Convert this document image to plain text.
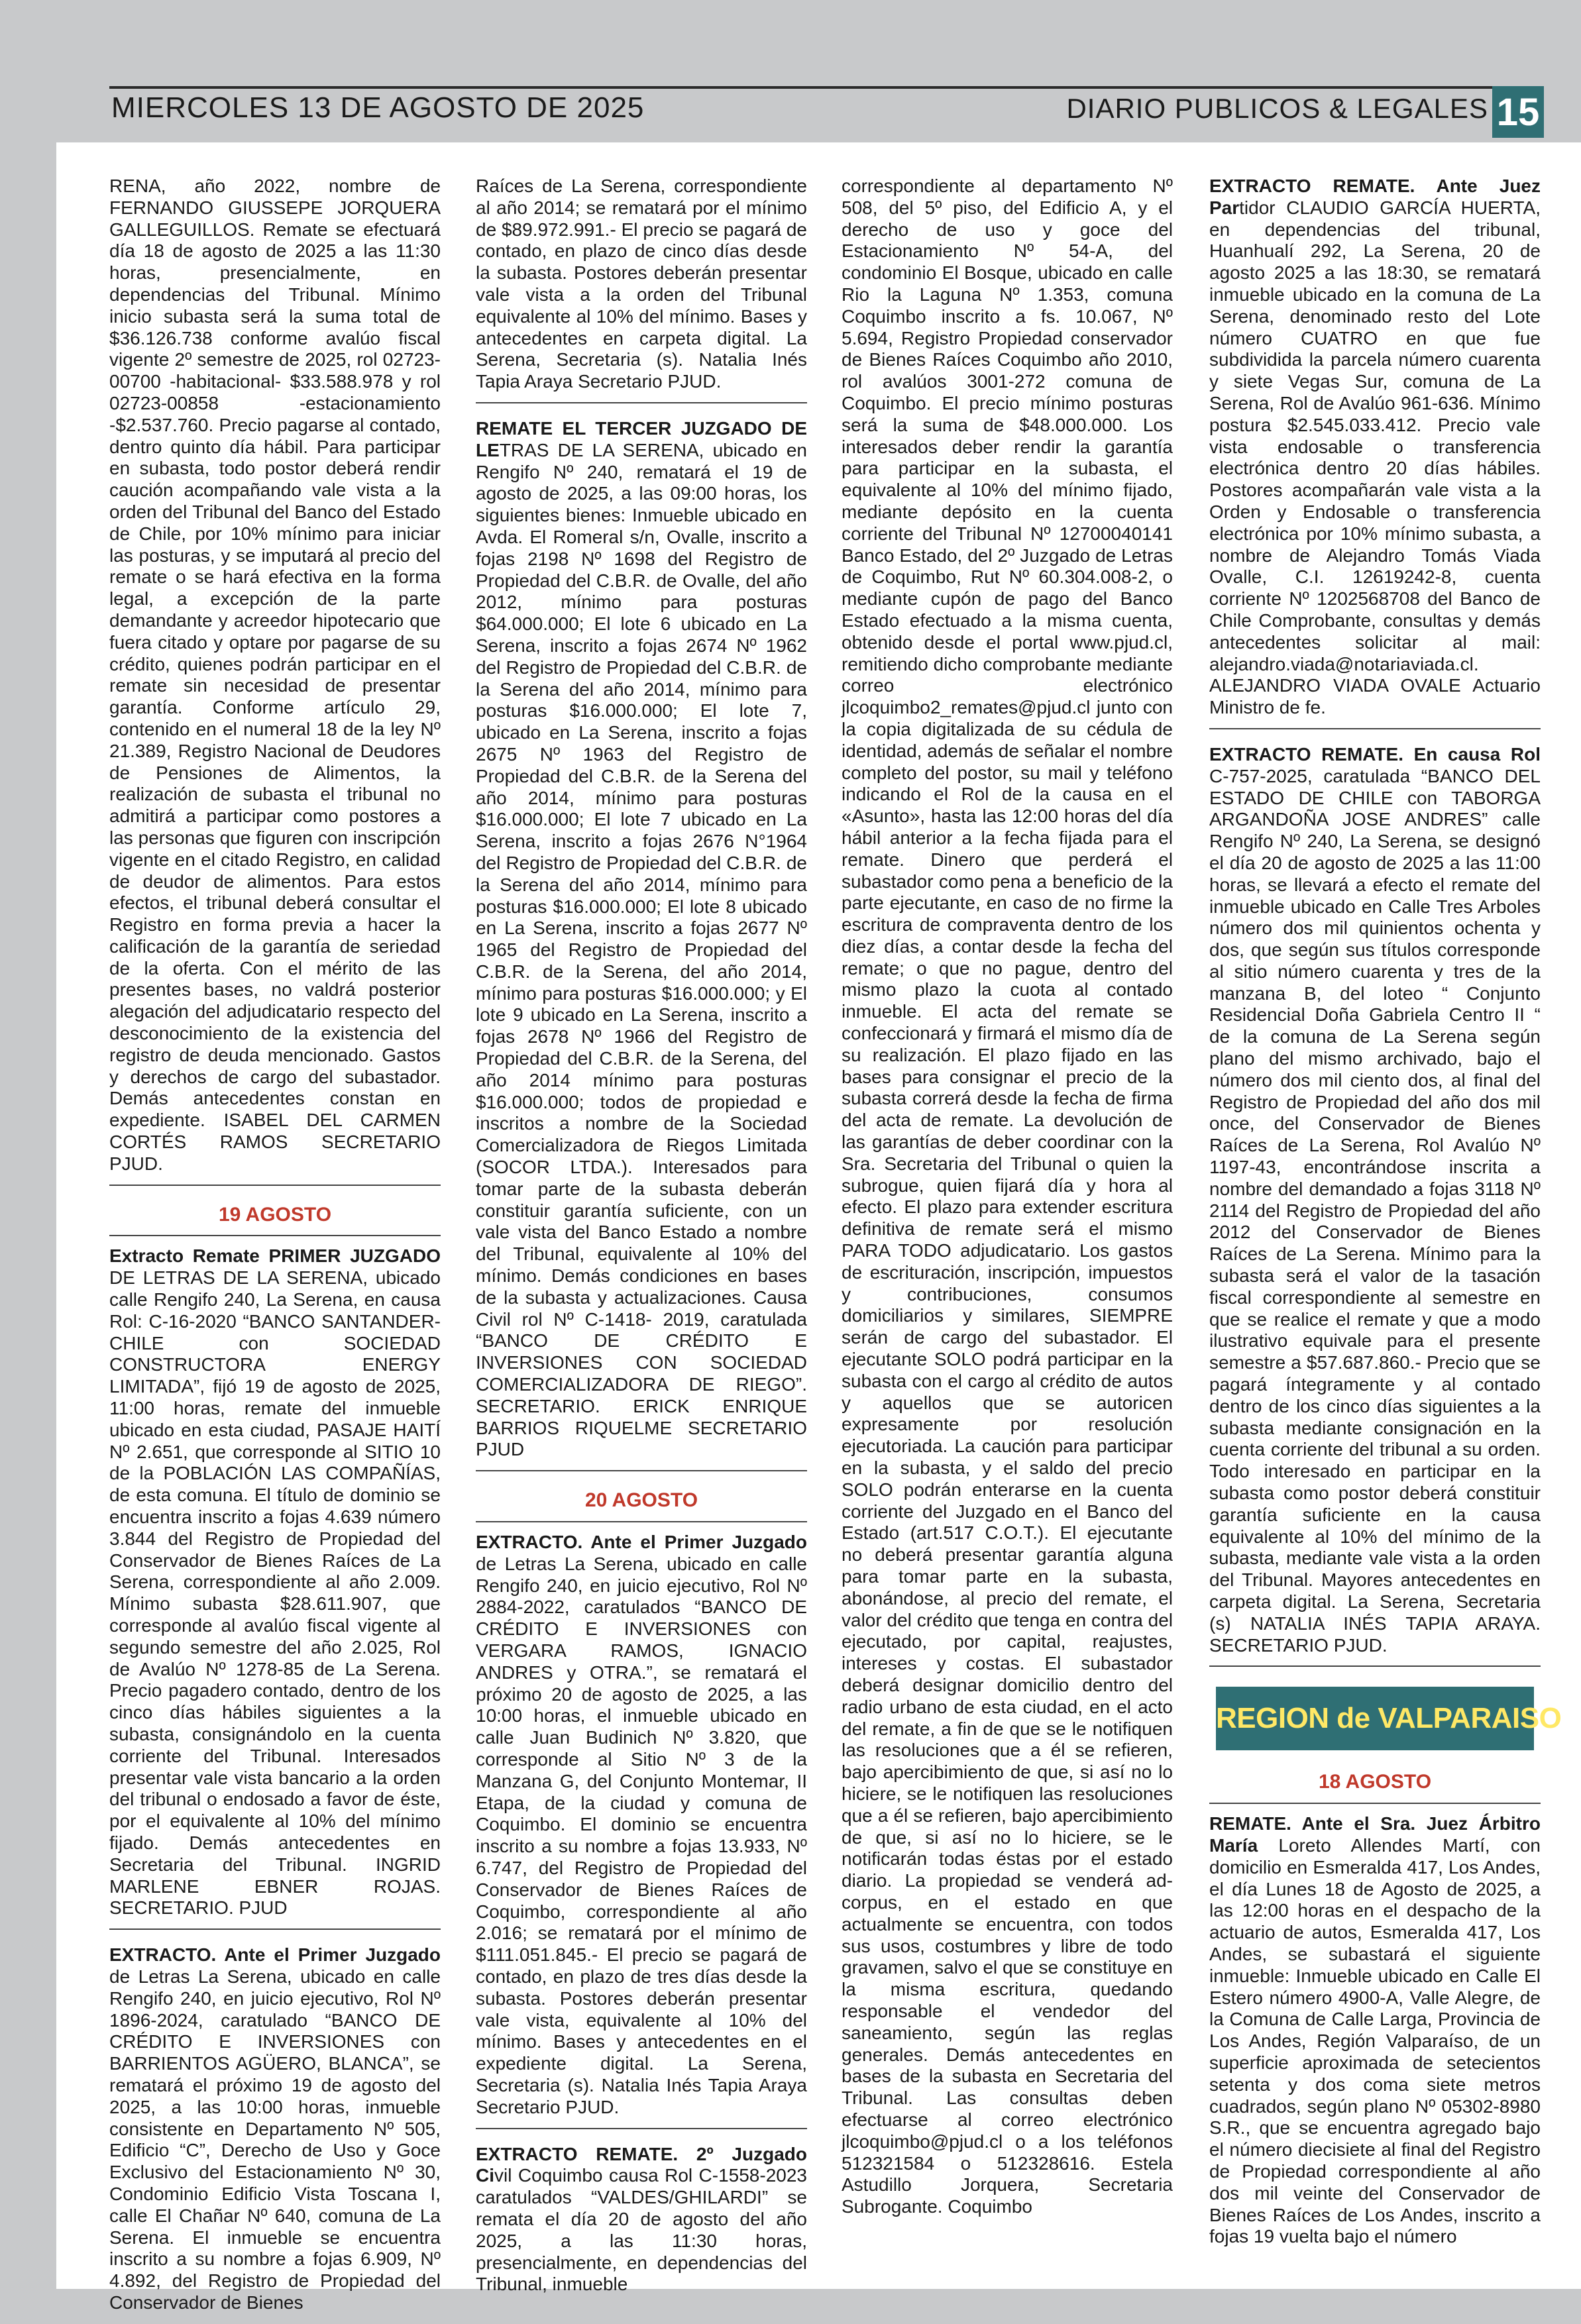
MIERCOLES 13 DE AGOSTO DE 2025	DIARIO PUBLICOS & LEGALES 15

RENA, año 2022, nombre de FERNANDO GIUSSEPE JORQUERA GALLEGUILLOS. Remate se efectuará día 18 de agosto de 2025 a las 11:30 horas, presencialmente, en dependencias del Tribunal. Mínimo inicio subasta será la suma total de $36.126.738 conforme avalúo fiscal vigente 2º semestre de 2025, rol 02723-00700 -habitacional- $33.588.978 y rol 02723-00858 -estacionamiento -$2.537.760. Precio pagarse al contado, dentro quinto día hábil. Para participar en subasta, todo postor deberá rendir caución acompañando vale vista a la orden del Tribunal del Banco del Estado de Chile, por 10% mínimo para iniciar las posturas, y se imputará al precio del remate o se hará efectiva en la forma legal, a excepción de la parte demandante y acreedor hipotecario que fuera citado y optare por pagarse de su crédito, quienes podrán participar en el remate sin necesidad de presentar garantía. Conforme artículo 29, contenido en el numeral 18 de la ley Nº 21.389, Registro Nacional de Deudores de Pensiones de Alimentos, la realización de subasta el tribunal no admitirá a participar como postores a las personas que figuren con inscripción vigente en el citado Registro, en calidad de deudor de alimentos. Para estos efectos, el tribunal deberá consultar el Registro en forma previa a hacer la calificación de la garantía de seriedad de la oferta. Con el mérito de las presentes bases, no valdrá posterior alegación del adjudicatario respecto del desconocimiento de la existencia del registro de deuda mencionado. Gastos y derechos de cargo del subastador. Demás antecedentes constan en expediente. ISABEL DEL CARMEN CORTÉS RAMOS SECRETARIO PJUD.

19 AGOSTO

Extracto Remate PRIMER JUZGADO DE LETRAS DE LA SERENA, ubicado calle Rengifo 240, La Serena, en causa Rol: C-16-2020 “BANCO SANTANDER-CHILE con SOCIEDAD CONSTRUCTORA ENERGY LIMITADA”, fijó 19 de agosto de 2025, 11:00 horas, remate del inmueble ubicado en esta ciudad, PASAJE HAITÍ Nº 2.651, que corresponde al SITIO 10 de la POBLACIÓN LAS COMPAÑÍAS, de esta comuna. El título de dominio se encuentra inscrito a fojas 4.639 número 3.844 del Registro de Propiedad del Conservador de Bienes Raíces de La Serena, correspondiente al año 2.009. Mínimo subasta $28.611.907, que corresponde al avalúo fiscal vigente al segundo semestre del año 2.025, Rol de Avalúo Nº 1278-85 de La Serena. Precio pagadero contado, dentro de los cinco días hábiles siguientes a la subasta, consignándolo en la cuenta corriente del Tribunal. Interesados presentar vale vista bancario a la orden del tribunal o endosado a favor de éste, por el equivalente al 10% del mínimo fijado. Demás antecedentes en Secretaria del Tribunal. INGRID MARLENE EBNER ROJAS. SECRETARIO. PJUD

EXTRACTO. Ante el Primer Juzgado de Letras La Serena, ubicado en calle Rengifo 240, en juicio ejecutivo, Rol Nº 1896-2024, caratulado “BANCO DE CRÉDITO E INVERSIONES con BARRIENTOS AGÜERO, BLANCA”, se rematará el próximo 19 de agosto del 2025, a las 10:00 horas, inmueble consistente en Departamento Nº 505, Edificio “C”, Derecho de Uso y Goce Exclusivo del Estacionamiento Nº 30, Condominio Edificio Vista Toscana I, calle El Chañar Nº 640, comuna de La Serena. El inmueble se encuentra inscrito a su nombre a fojas 6.909, Nº 4.892, del Registro de Propiedad del Conservador de Bienes

Raíces de La Serena, correspondiente al año 2014; se rematará por el mínimo de $89.972.991.- El precio se pagará de contado, en plazo de cinco días desde la subasta. Postores deberán presentar vale vista a la orden del Tribunal equivalente al 10% del mínimo. Bases y antecedentes en carpeta digital. La Serena, Secretaria (s). Natalia Inés Tapia Araya Secretario PJUD.

REMATE EL TERCER JUZGADO DE LETRAS DE LA SERENA, ubicado en Rengifo Nº 240, rematará el 19 de agosto de 2025, a las 09:00 horas, los siguientes bienes: Inmueble ubicado en Avda. El Romeral s/n, Ovalle, inscrito a fojas 2198 Nº 1698 del Registro de Propiedad del C.B.R. de Ovalle, del año 2012, mínimo para posturas $64.000.000; El lote 6 ubicado en La Serena, inscrito a fojas 2674 Nº 1962 del Registro de Propiedad del C.B.R. de la Serena del año 2014, mínimo para posturas $16.000.000; El lote 7, ubicado en La Serena, inscrito a fojas 2675 Nº 1963 del Registro de Propiedad del C.B.R. de la Serena del año 2014, mínimo para posturas $16.000.000; El lote 7 ubicado en La Serena, inscrito a fojas 2676 N°1964 del Registro de Propiedad del C.B.R. de la Serena del año 2014, mínimo para posturas $16.000.000; El lote 8 ubicado en La Serena, inscrito a fojas 2677 Nº 1965 del Registro de Propiedad del C.B.R. de la Serena, del año 2014, mínimo para posturas $16.000.000; y El lote 9 ubicado en La Serena, inscrito a fojas 2678 Nº 1966 del Registro de Propiedad del C.B.R. de la Serena, del año 2014 mínimo para posturas $16.000.000; todos de propiedad e inscritos a nombre de la Sociedad Comercializadora de Riegos Limitada (SOCOR LTDA.). Interesados para tomar parte de la subasta deberán constituir garantía suficiente, con un vale vista del Banco Estado a nombre del Tribunal, equivalente al 10% del mínimo. Demás condiciones en bases de la subasta y actualizaciones. Causa Civil rol Nº C-1418- 2019, caratulada “BANCO DE CRÉDITO E INVERSIONES CON SOCIEDAD COMERCIALIZADORA DE RIEGO”. SECRETARIO. ERICK ENRIQUE BARRIOS RIQUELME SECRETARIO PJUD

20 AGOSTO

EXTRACTO. Ante el Primer Juzgado de Letras La Serena, ubicado en calle Rengifo 240, en juicio ejecutivo, Rol Nº 2884-2022, caratulados “BANCO DE CRÉDITO E INVERSIONES con VERGARA RAMOS, IGNACIO ANDRES y OTRA.”, se rematará el próximo 20 de agosto de 2025, a las 10:00 horas, el inmueble ubicado en calle Juan Budinich Nº 3.820, que corresponde al Sitio Nº 3 de la Manzana G, del Conjunto Montemar, II Etapa, de la ciudad y comuna de Coquimbo. El dominio se encuentra inscrito a su nombre a fojas 13.933, Nº 6.747, del Registro de Propiedad del Conservador de Bienes Raíces de Coquimbo, correspondiente al año 2.016; se rematará por el mínimo de $111.051.845.- El precio se pagará de contado, en plazo de tres días desde la subasta. Postores deberán presentar vale vista, equivalente al 10% del mínimo. Bases y antecedentes en el expediente digital. La Serena, Secretaria (s). Natalia Inés Tapia Araya Secretario PJUD.

EXTRACTO REMATE. 2º Juzgado Civil Coquimbo causa Rol C-1558-2023 caratulados “VALDES/GHILARDI” se remata el día 20 de agosto del año 2025, a las 11:30 horas, presencialmente, en dependencias del Tribunal, inmueble

correspondiente al departamento Nº 508, del 5º piso, del Edificio A, y el derecho de uso y goce del Estacionamiento Nº 54-A, del condominio El Bosque, ubicado en calle Rio la Laguna Nº 1.353, comuna Coquimbo inscrito a fs. 10.067, Nº 5.694, Registro Propiedad conservador de Bienes Raíces Coquimbo año 2010, rol avalúos 3001-272 comuna de Coquimbo. El precio mínimo posturas será la suma de $48.000.000. Los interesados deber rendir la garantía para participar en la subasta, el equivalente al 10% del mínimo fijado, mediante depósito en la cuenta corriente del Tribunal Nº 12700040141 Banco Estado, del 2º Juzgado de Letras de Coquimbo, Rut Nº 60.304.008-2, o mediante cupón de pago del Banco Estado efectuado a la misma cuenta, obtenido desde el portal www.pjud.cl, remitiendo dicho comprobante mediante correo electrónico jlcoquimbo2_remates@pjud.cl junto con la copia digitalizada de su cédula de identidad, además de señalar el nombre completo del postor, su mail y teléfono indicando el Rol de la causa en el «Asunto», hasta las 12:00 horas del día hábil anterior a la fecha fijada para el remate. Dinero que perderá el subastador como pena a beneficio de la parte ejecutante, en caso de no firme la escritura de compraventa dentro de los diez días, a contar desde la fecha del remate; o que no pague, dentro del mismo plazo la cuota al contado inmueble. El acta del remate se confeccionará y firmará el mismo día de su realización. El plazo fijado en las bases para consignar el precio de la subasta correrá desde la fecha de firma del acta de remate. La devolución de las garantías de deber coordinar con la Sra. Secretaria del Tribunal o quien la subrogue, quien fijará día y hora al efecto. El plazo para extender escritura definitiva de remate será el mismo PARA TODO adjudicatario. Los gastos de escrituración, inscripción, impuestos y contribuciones, consumos domiciliarios y similares, SIEMPRE serán de cargo del subastador. El ejecutante SOLO podrá participar en la subasta con el cargo al crédito de autos y aquellos que se autoricen expresamente por resolución ejecutoriada. La caución para participar en la subasta, y el saldo del precio SOLO podrán enterarse en la cuenta corriente del Juzgado en el Banco del Estado (art.517 C.O.T.). El ejecutante no deberá presentar garantía alguna para tomar parte en la subasta, abonándose, al precio del remate, el valor del crédito que tenga en contra del ejecutado, por capital, reajustes, intereses y costas. El subastador deberá designar domicilio dentro del radio urbano de esta ciudad, en el acto del remate, a fin de que se le notifiquen las resoluciones que a él se refieren, bajo apercibimiento de que, si así no lo hiciere, se le notifiquen las resoluciones que a él se refieren, bajo apercibimiento de que, si así no lo hiciere, se le notificarán todas éstas por el estado diario. La propiedad se venderá ad-corpus, en el estado en que actualmente se encuentra, con todos sus usos, costumbres y libre de todo gravamen, salvo el que se constituye en la misma escritura, quedando responsable el vendedor del saneamiento, según las reglas generales. Demás antecedentes en bases de la subasta en Secretaria del Tribunal. Las consultas deben efectuarse al correo electrónico jlcoquimbo@pjud.cl o a los teléfonos 512321584 o 512328616. Estela Astudillo Jorquera, Secretaria Subrogante. Coquimbo

EXTRACTO REMATE. Ante Juez Partidor CLAUDIO GARCÍA HUERTA, en dependencias del tribunal, Huanhualí 292, La Serena, 20 de agosto 2025 a las 18:30, se rematará inmueble ubicado en la comuna de La Serena, denominado resto del Lote número CUATRO en que fue subdividida la parcela número cuarenta y siete Vegas Sur, comuna de La Serena, Rol de Avalúo 961-636. Mínimo postura $2.545.033.412. Precio vale vista endosable o transferencia electrónica dentro 20 días hábiles. Postores acompañarán vale vista a la Orden y Endosable o transferencia electrónica por 10% mínimo subasta, a nombre de Alejandro Tomás Viada Ovalle, C.I. 12619242-8, cuenta corriente Nº 1202568708 del Banco de Chile Comprobante, consultas y demás antecedentes solicitar al mail: alejandro.viada@notariaviada.cl. ALEJANDRO VIADA OVALE Actuario Ministro de fe.

EXTRACTO REMATE. En causa Rol C-757-2025, caratulada “BANCO DEL ESTADO DE CHILE con TABORGA ARGANDOÑA JOSE ANDRES” calle Rengifo Nº 240, La Serena, se designó el día 20 de agosto de 2025 a las 11:00 horas, se llevará a efecto el remate del inmueble ubicado en Calle Tres Arboles número dos mil quinientos ochenta y dos, que según sus títulos corresponde al sitio número cuarenta y tres de la manzana B, del loteo “ Conjunto Residencial Doña Gabriela Centro II “ de la comuna de La Serena según plano del mismo archivado, bajo el número dos mil ciento dos, al final del Registro de Propiedad del año dos mil once, del Conservador de Bienes Raíces de La Serena, Rol Avalúo Nº 1197-43, encontrándose inscrita a nombre del demandado a fojas 3118 Nº 2114 del Registro de Propiedad del año 2012 del Conservador de Bienes Raíces de La Serena. Mínimo para la subasta será el valor de la tasación fiscal correspondiente al semestre en que se realice el remate y que a modo ilustrativo equivale para el presente semestre a $57.687.860.- Precio que se pagará íntegramente y al contado dentro de los cinco días siguientes a la subasta mediante consignación en la cuenta corriente del tribunal a su orden. Todo interesado en participar en la subasta como postor deberá constituir garantía suficiente en la causa equivalente al 10% del mínimo de la subasta, mediante vale vista a la orden del Tribunal. Mayores antecedentes en carpeta digital. La Serena, Secretaria (s) NATALIA INÉS TAPIA ARAYA. SECRETARIO PJUD.

REGION de VALPARAISO
18 AGOSTO

REMATE. Ante el Sra. Juez Árbitro María Loreto Allendes Martí, con domicilio en Esmeralda 417, Los Andes, el día Lunes 18 de Agosto de 2025, a las 12:00 horas en el despacho de la actuario de autos, Esmeralda 417, Los Andes, se subastará el siguiente inmueble: Inmueble ubicado en Calle El Estero número 4900-A, Valle Alegre, de la Comuna de Calle Larga, Provincia de Los Andes, Región Valparaíso, de un superficie aproximada de setecientos setenta y dos coma siete metros cuadrados, según plano Nº 05302-8980 S.R., que se encuentra agregado bajo el número diecisiete al final del Registro de Propiedad correspondiente al año dos mil veinte del Conservador de Bienes Raíces de Los Andes, inscrito a fojas 19 vuelta bajo el número
